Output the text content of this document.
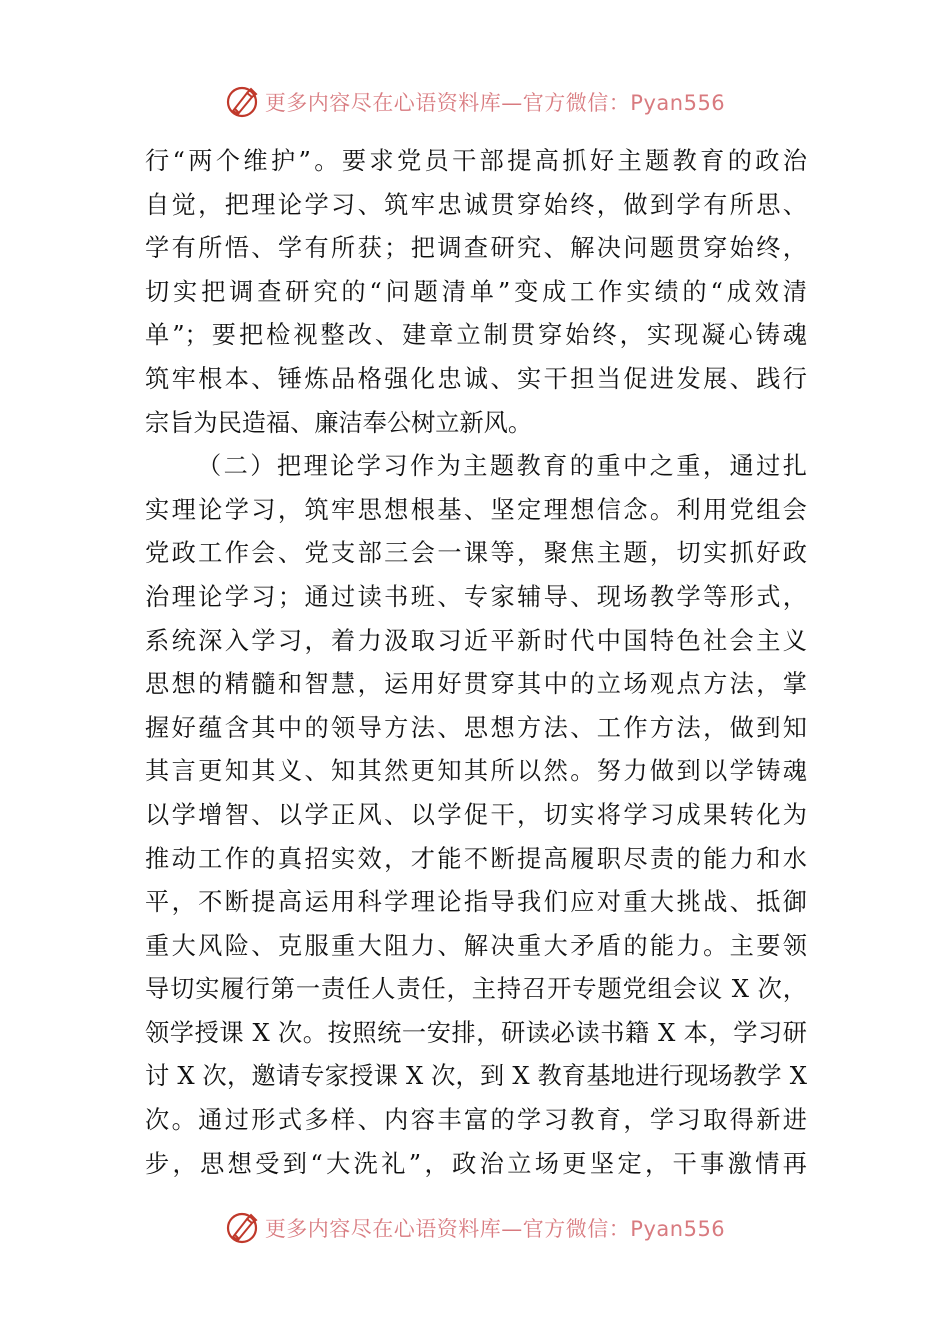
更多内容尽在心语资料库—官方微信：Pyan556
行“两个维护”。要求党员干部提高抓好主题教育的政治
自觉，把理论学习、筑牢忠诚贯穿始终，做到学有所思、
学有所悟、学有所获；把调查研究、解决问题贯穿始终，
切实把调查研究的“问题清单”变成工作实绩的“成效清
单”；要把检视整改、建章立制贯穿始终，实现凝心铸魂
筑牢根本、锤炼品格强化忠诚、实干担当促进发展、践行
宗旨为民造福、廉洁奉公树立新风。
（二）把理论学习作为主题教育的重中之重，通过扎
实理论学习，筑牢思想根基、坚定理想信念。利用党组会
党政工作会、党支部三会一课等，聚焦主题，切实抓好政
治理论学习；通过读书班、专家辅导、现场教学等形式，
系统深入学习，着力汲取习近平新时代中国特色社会主义
思想的精髓和智慧，运用好贯穿其中的立场观点方法，掌
握好蕴含其中的领导方法、思想方法、工作方法，做到知
其言更知其义、知其然更知其所以然。努力做到以学铸魂
以学增智、以学正风、以学促干，切实将学习成果转化为
推动工作的真招实效，才能不断提高履职尽责的能力和水
平，不断提高运用科学理论指导我们应对重大挑战、抵御
重大风险、克服重大阻力、解决重大矛盾的能力。主要领
导切实履行第一责任人责任，主持召开专题党组会议 X 次，
领学授课 X 次。按照统一安排，研读必读书籍 X 本，学习研
讨 X 次，邀请专家授课 X 次，到 X 教育基地进行现场教学 X
次。通过形式多样、内容丰富的学习教育，学习取得新进
步，思想受到“大洗礼”，政治立场更坚定，干事激情再
更多内容尽在心语资料库—官方微信：Pyan556
